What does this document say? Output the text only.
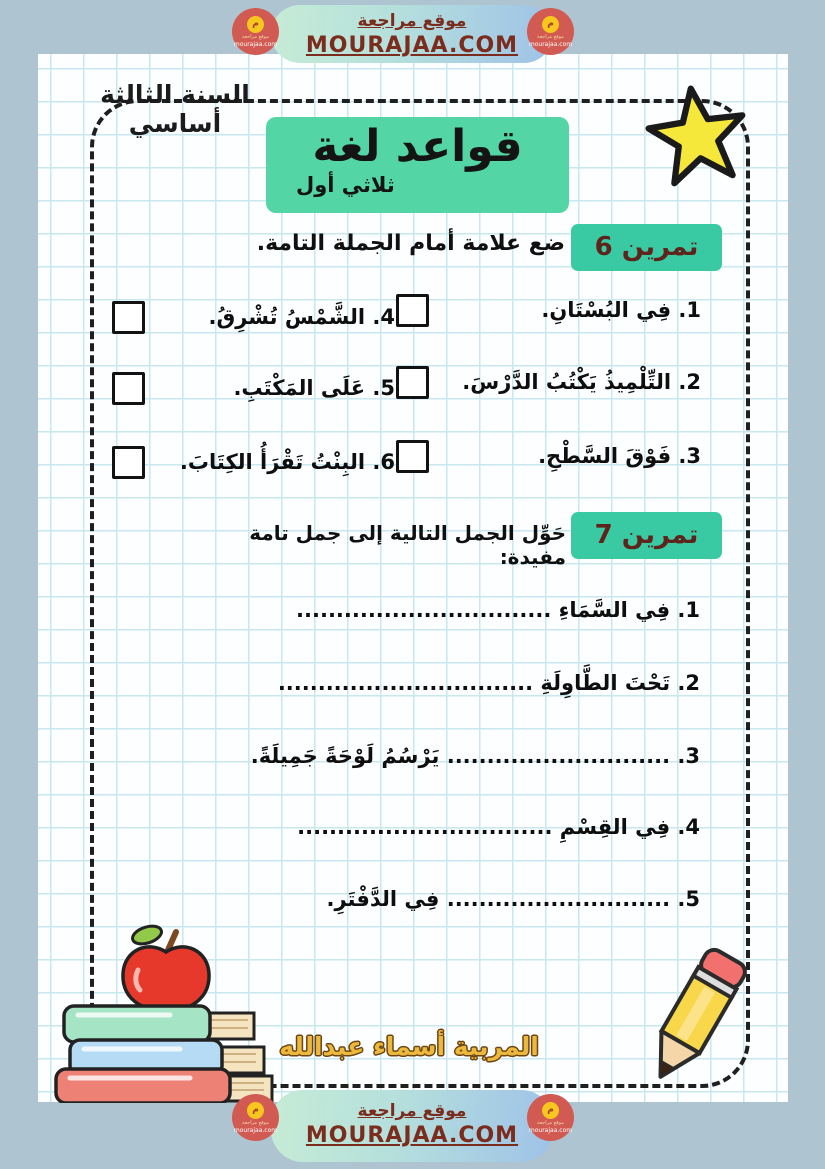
م
موقع مراجعة
mourajaa.com
موقع مراجعة
MOURAJAA.COM
م
موقع مراجعة
mourajaa.com
السنة الثالثة أساسي	قواعد لغة
ثلاثي أول
تمرين 6
ضع علامة أمام الجملة التامة.
1. فِي البُسْتَانِ.
2. التِّلْمِيذُ يَكْتُبُ الدَّرْسَ.
3. فَوْقَ السَّطْحِ.
4. الشَّمْسُ تُشْرِقُ.
5. عَلَى المَكْتَبِ.
6. البِنْتُ تَقْرَأُ الكِتَابَ.
تمرين 7
حَوِّل الجمل التالية إلى جمل تامة مفيدة:
1. فِي السَّمَاءِ ................................
2. تَحْتَ الطَّاوِلَةِ ................................
3. ............................ يَرْسُمُ لَوْحَةً جَمِيلَةً.
4. فِي القِسْمِ ................................
5. ............................ فِي الدَّفْتَرِ.
المربية أسماء عبدالله
م
موقع مراجعة
mourajaa.com
موقع مراجعة
MOURAJAA.COM
م
موقع مراجعة
mourajaa.com
